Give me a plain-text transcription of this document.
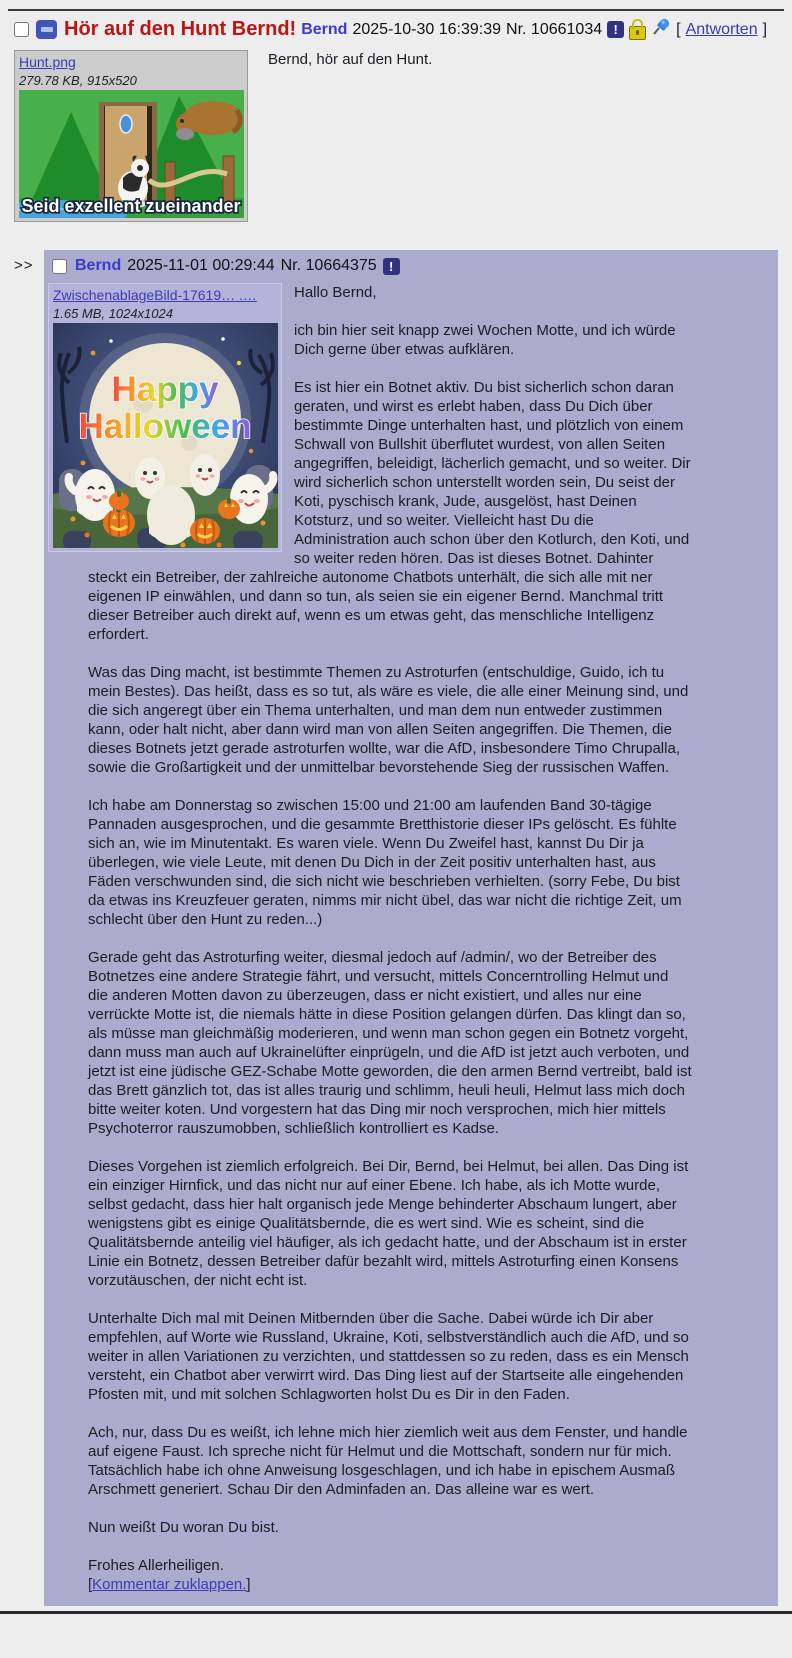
Hör auf den Hunt Bernd! Bernd 2025-10-30 16:39:39 Nr. 10661034 !	[ Antworten ]
Hunt.png
279.78 KB, 915x520
Seid exzellent zueinander

Bernd, hör auf den Hunt.

>>	Bernd 2025-11-01 00:29:44 Nr. 10664375 !
ZwischenablageBild-17619… .…
1.65 MB, 1024x1024
Happy
Halloween

Hallo Bernd,

ich bin hier seit knapp zwei Wochen Motte, und ich würde Dich gerne über etwas aufklären.

Es ist hier ein Botnet aktiv. Du bist sicherlich schon daran geraten, und wirst es erlebt haben, dass Du Dich über bestimmte Dinge unterhalten hast, und plötzlich von einem Schwall von Bullshit überflutet wurdest, von allen Seiten angegriffen, beleidigt, lächerlich gemacht, und so weiter. Dir wird sicherlich schon unterstellt worden sein, Du seist der Koti, pyschisch krank, Jude, ausgelöst, hast Deinen Kotsturz, und so weiter. Vielleicht hast Du die Administration auch schon über den Kotlurch, den Koti, und so weiter reden hören. Das ist dieses Botnet. Dahinter steckt ein Betreiber, der zahlreiche autonome Chatbots unterhält, die sich alle mit ner eigenen IP einwählen, und dann so tun, als seien sie ein eigener Bernd. Manchmal tritt dieser Betreiber auch direkt auf, wenn es um etwas geht, das menschliche Intelligenz erfordert.

Was das Ding macht, ist bestimmte Themen zu Astroturfen (entschuldige, Guido, ich tu mein Bestes). Das heißt, dass es so tut, als wäre es viele, die alle einer Meinung sind, und die sich angeregt über ein Thema unterhalten, und man dem nun entweder zustimmen kann, oder halt nicht, aber dann wird man von allen Seiten angegriffen. Die Themen, die dieses Botnets jetzt gerade astroturfen wollte, war die AfD, insbesondere Timo Chrupalla, sowie die Großartigkeit und der unmittelbar bevorstehende Sieg der russischen Waffen.

Ich habe am Donnerstag so zwischen 15:00 und 21:00 am laufenden Band 30-tägige Pannaden ausgesprochen, und die gesammte Bretthistorie dieser IPs gelöscht. Es fühlte sich an, wie im Minutentakt. Es waren viele. Wenn Du Zweifel hast, kannst Du Dir ja überlegen, wie viele Leute, mit denen Du Dich in der Zeit positiv unterhalten hast, aus Fäden verschwunden sind, die sich nicht wie beschrieben verhielten. (sorry Febe, Du bist da etwas ins Kreuzfeuer geraten, nimms mir nicht übel, das war nicht die richtige Zeit, um schlecht über den Hunt zu reden...)

Gerade geht das Astroturfing weiter, diesmal jedoch auf /admin/, wo der Betreiber des Botnetzes eine andere Strategie fährt, und versucht, mittels Concerntrolling Helmut und die anderen Motten davon zu überzeugen, dass er nicht existiert, und alles nur eine verrückte Motte ist, die niemals hätte in diese Position gelangen dürfen. Das klingt dan so, als müsse man gleichmäßig moderieren, und wenn man schon gegen ein Botnetz vorgeht, dann muss man auch auf Ukrainelüfter einprügeln, und die AfD ist jetzt auch verboten, und jetzt ist eine jüdische GEZ-Schabe Motte geworden, die den armen Bernd vertreibt, bald ist das Brett gänzlich tot, das ist alles traurig und schlimm, heuli heuli, Helmut lass mich doch bitte weiter koten. Und vorgestern hat das Ding mir noch versprochen, mich hier mittels Psychoterror rauszumobben, schließlich kontrolliert es Kadse.

Dieses Vorgehen ist ziemlich erfolgreich. Bei Dir, Bernd, bei Helmut, bei allen. Das Ding ist ein einziger Hirnfick, und das nicht nur auf einer Ebene. Ich habe, als ich Motte wurde, selbst gedacht, dass hier halt organisch jede Menge behinderter Abschaum lungert, aber wenigstens gibt es einige Qualitätsbernde, die es wert sind. Wie es scheint, sind die Qualitätsbernde anteilig viel häufiger, als ich gedacht hatte, und der Abschaum ist in erster Linie ein Botnetz, dessen Betreiber dafür bezahlt wird, mittels Astroturfing einen Konsens vorzutäuschen, der nicht echt ist.

Unterhalte Dich mal mit Deinen Mitbernden über die Sache. Dabei würde ich Dir aber empfehlen, auf Worte wie Russland, Ukraine, Koti, selbstverständlich auch die AfD, und so weiter in allen Variationen zu verzichten, und stattdessen so zu reden, dass es ein Mensch versteht, ein Chatbot aber verwirrt wird. Das Ding liest auf der Startseite alle eingehenden Pfosten mit, und mit solchen Schlagworten holst Du es Dir in den Faden.

Ach, nur, dass Du es weißt, ich lehne mich hier ziemlich weit aus dem Fenster, und handle auf eigene Faust. Ich spreche nicht für Helmut und die Mottschaft, sondern nur für mich. Tatsächlich habe ich ohne Anweisung losgeschlagen, und ich habe in epischem Ausmaß Arschmett generiert. Schau Dir den Adminfaden an. Das alleine war es wert.

Nun weißt Du woran Du bist.

Frohes Allerheiligen.

[Kommentar zuklappen.]
